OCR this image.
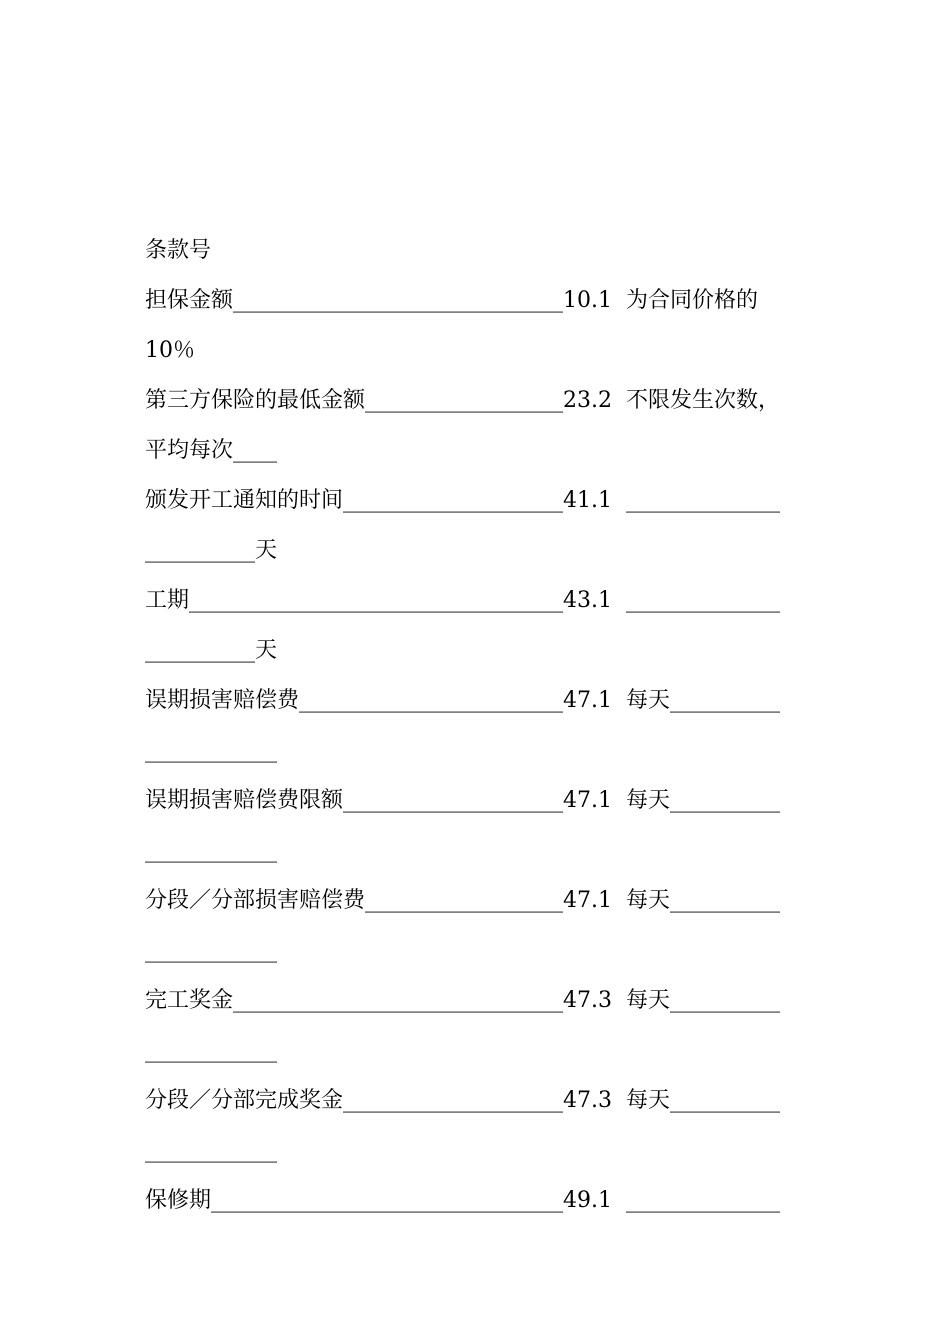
条款号
担保金额______________________________10.1  为合同价格的
10％
第三方保险的最低金额__________________23.2  不限发生次数，
平均每次____
颁发开工通知的时间____________________41.1  ______________
__________天
工期__________________________________43.1  ______________
__________天
误期损害赔偿费________________________47.1  每天__________
____________
误期损害赔偿费限额____________________47.1  每天__________
____________
分段／分部损害赔偿费__________________47.1  每天__________
____________
完工奖金______________________________47.3  每天__________
____________
分段／分部完成奖金____________________47.3  每天__________
____________
保修期________________________________49.1  ______________
